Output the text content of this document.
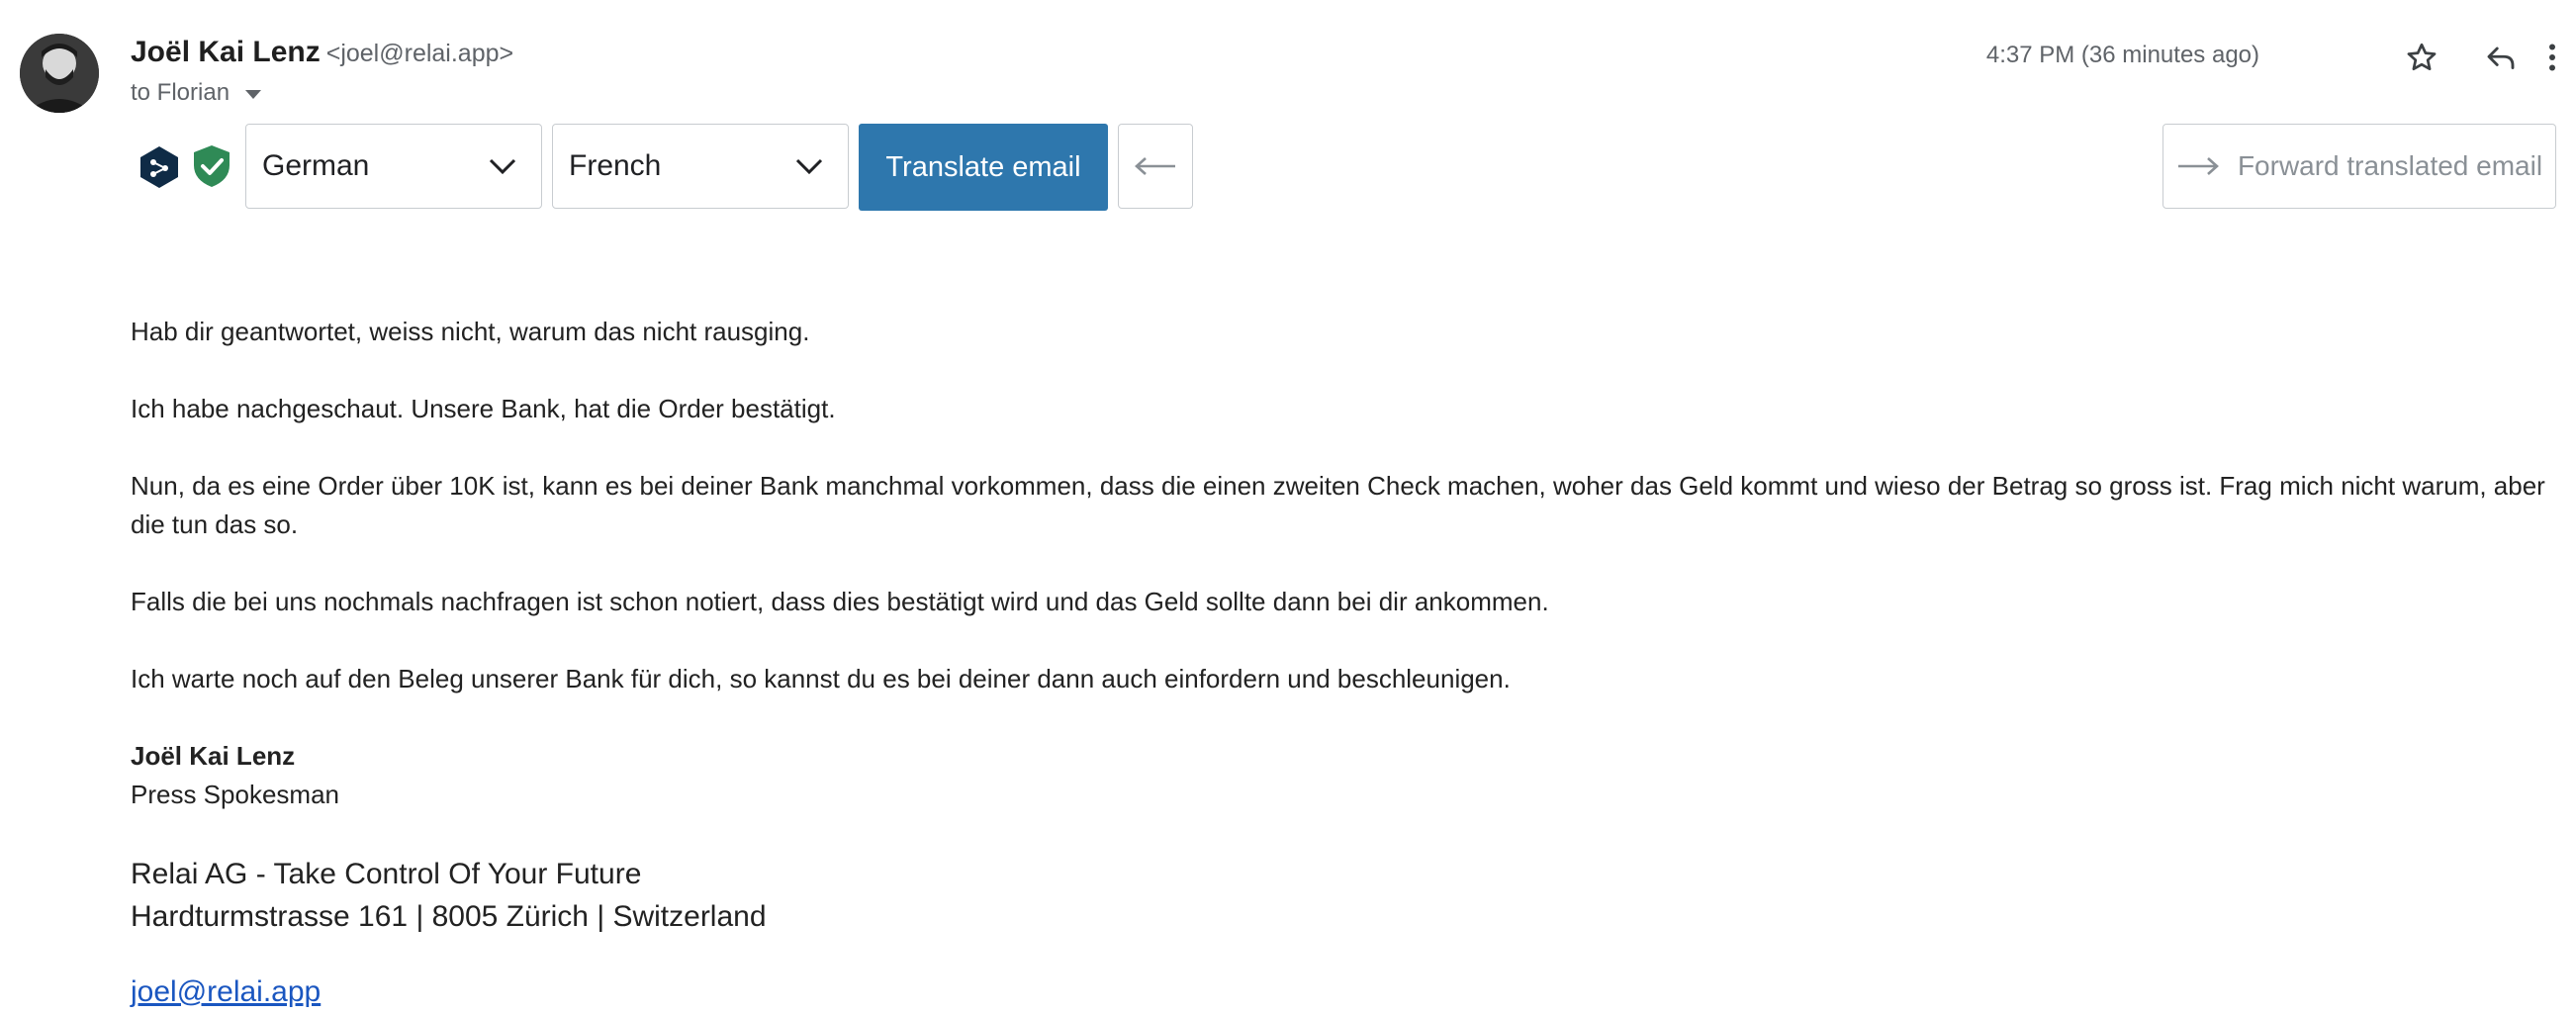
Joël Kai Lenz <joel@relai.app>
to Florian
4:37 PM (36 minutes ago)
German	French	Translate email	Forward translated email

Hab dir geantwortet, weiss nicht, warum das nicht rausging.

Ich habe nachgeschaut. Unsere Bank, hat die Order bestätigt.

Nun, da es eine Order über 10K ist, kann es bei deiner Bank manchmal vorkommen, dass die einen zweiten Check machen, woher das Geld kommt und wieso der Betrag so gross ist. Frag mich nicht warum, aber die tun das so.

Falls die bei uns nochmals nachfragen ist schon notiert, dass dies bestätigt wird und das Geld sollte dann bei dir ankommen.

Ich warte noch auf den Beleg unserer Bank für dich, so kannst du es bei deiner dann auch einfordern und beschleunigen.

Joël Kai Lenz
Press Spokesman
Relai AG - Take Control Of Your Future
Hardturmstrasse 161 | 8005 Zürich | Switzerland
joel@relai.app
